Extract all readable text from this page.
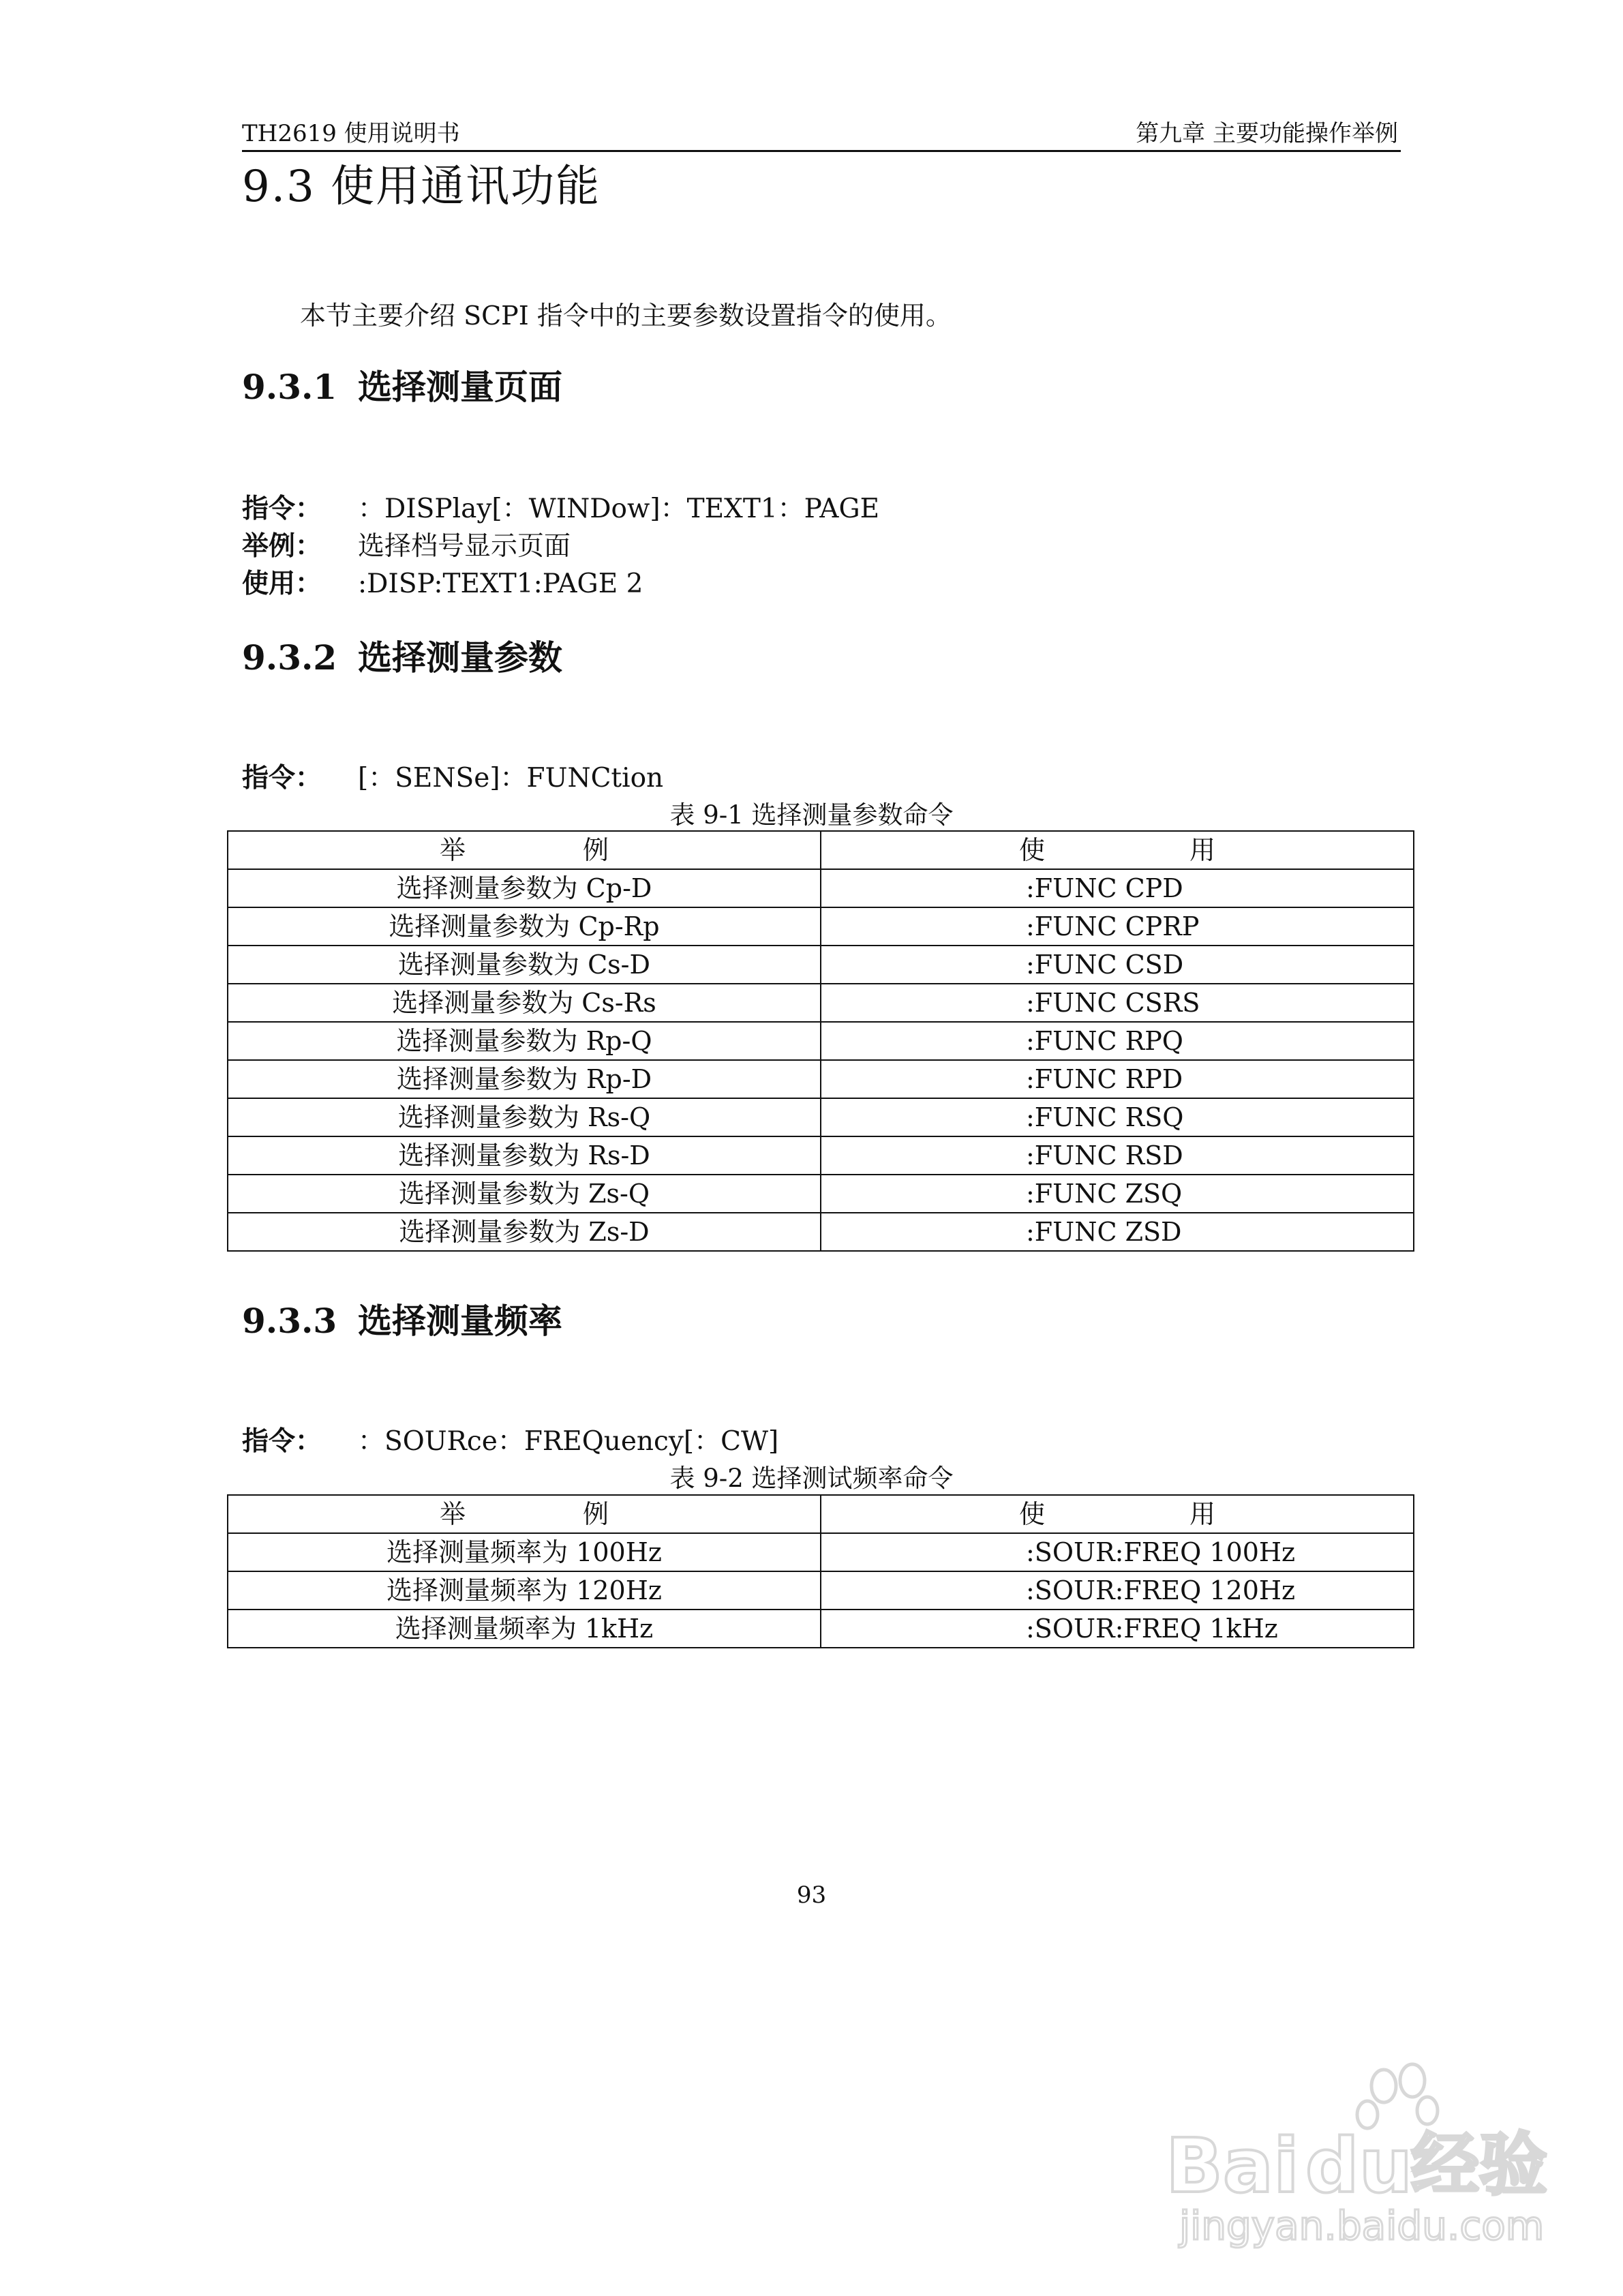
TH2619 使用说明书	第九章 主要功能操作举例
9.3 使用通讯功能
本节主要介绍 SCPI 指令中的主要参数设置指令的使用。
9.3.1 选择测量页面
指令： ：DISPlay[：WINDow]：TEXT1：PAGE
举例： 选择档号显示页面
使用： :DISP:TEXT1:PAGE 2
9.3.2 选择测量参数
指令： [：SENSe]：FUNCtion
表 9-1 选择测量参数命令
举 例	使 用
选择测量参数为 Cp-D	:FUNC CPD
选择测量参数为 Cp-Rp	:FUNC CPRP
选择测量参数为 Cs-D	:FUNC CSD
选择测量参数为 Cs-Rs	:FUNC CSRS
选择测量参数为 Rp-Q	:FUNC RPQ
选择测量参数为 Rp-D	:FUNC RPD
选择测量参数为 Rs-Q	:FUNC RSQ
选择测量参数为 Rs-D	:FUNC RSD
选择测量参数为 Zs-Q	:FUNC ZSQ
选择测量参数为 Zs-D	:FUNC ZSD
9.3.3 选择测量频率
指令： ：SOURce：FREQuency[：CW]
表 9-2 选择测试频率命令
举 例	使 用
选择测量频率为 100Hz	:SOUR:FREQ 100Hz
选择测量频率为 120Hz	:SOUR:FREQ 120Hz
选择测量频率为 1kHz	:SOUR:FREQ 1kHz
93
Bai du
经验
jingyan.baidu.com
